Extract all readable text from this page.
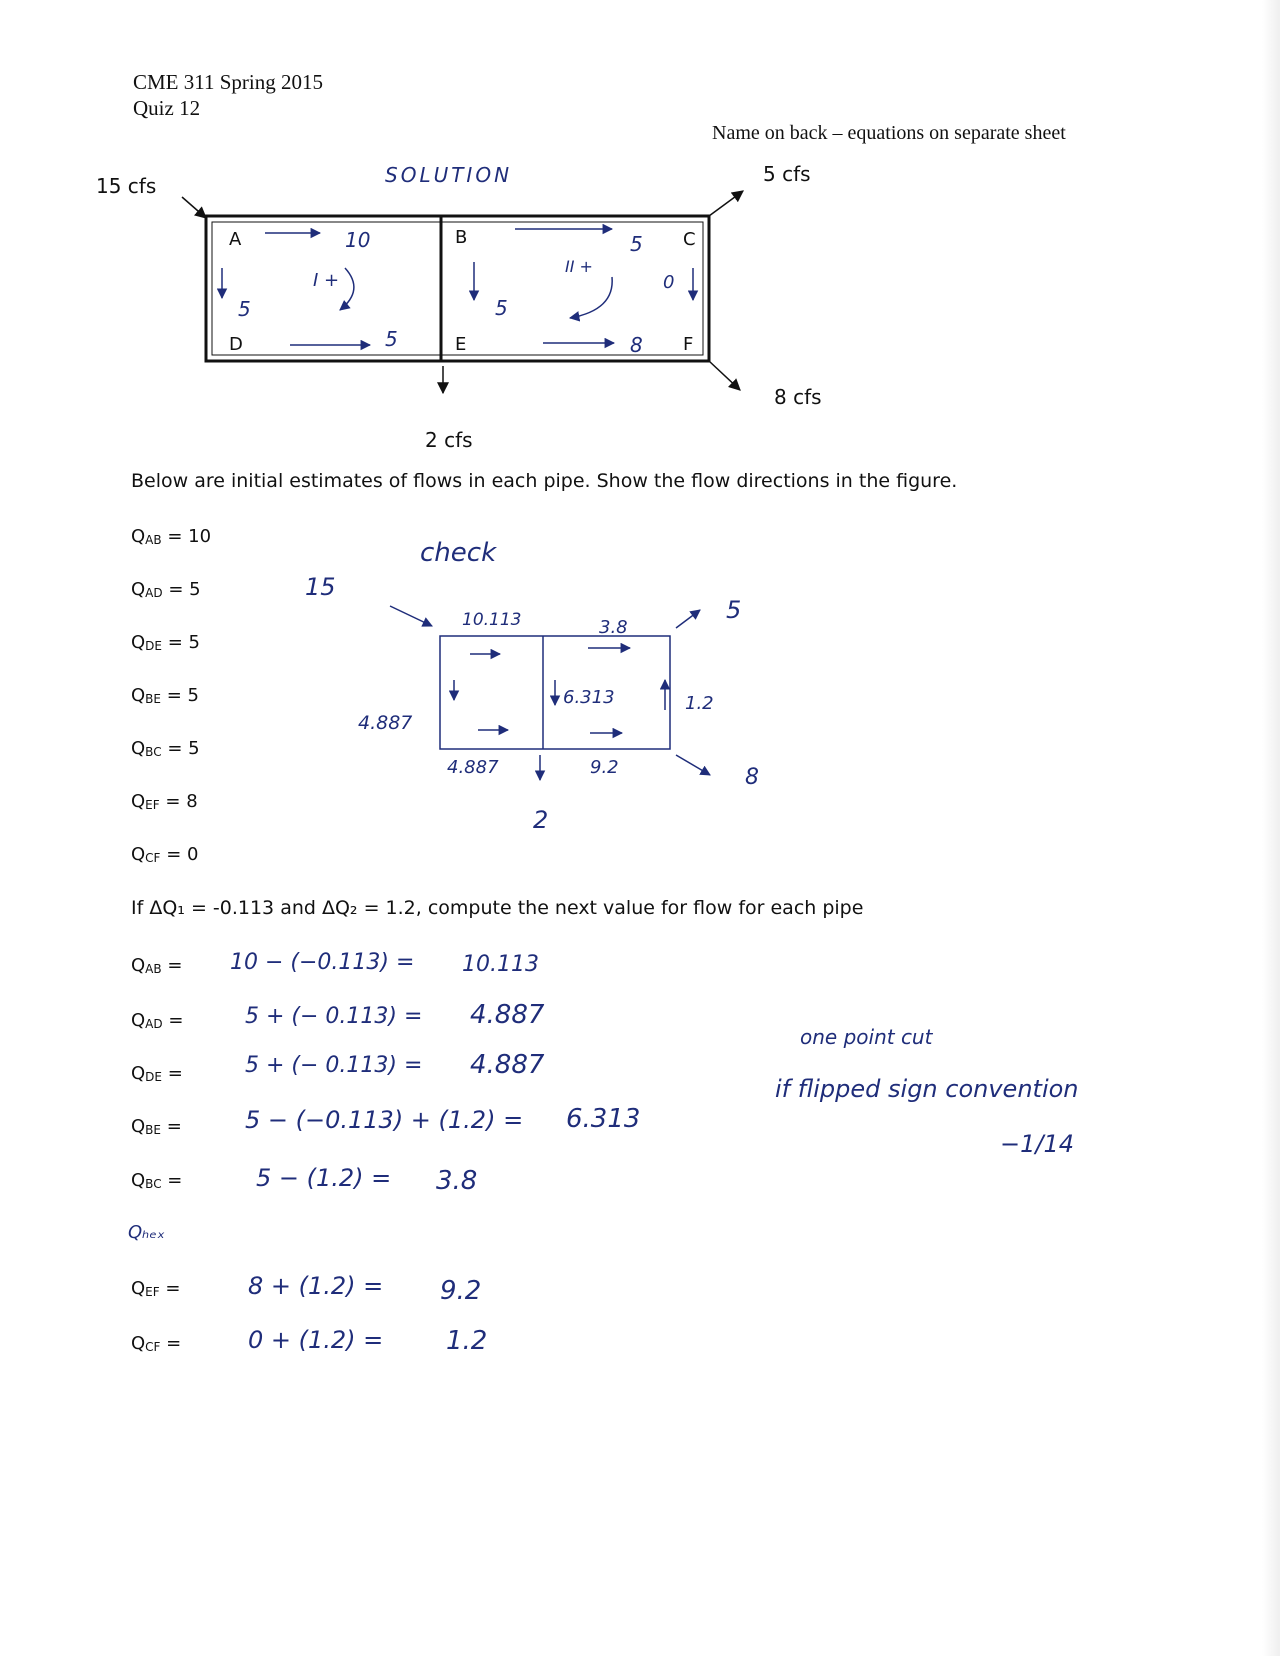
CME 311 Spring 2015
Quiz 12
Name on back – equations on separate sheet
15 cfs	5 cfs
8 cfs
2 cfs
SOLUTION
A	B	C
D	E	F
10
5
5
5
5
0
8
I +
II +
Below are initial estimates of flows in each pipe. Show the flow directions in the figure.
$Q_{AB} = 10$
$Q_{AD} = 5$
$Q_{DE} = 5$
$Q_{BE} = 5$
$Q_{BC} = 5$
$Q_{EF} = 8$
$Q_{CF} = 0$
check
15
5
8
2
10.113	3.8
4.887
6.313	1.2
4.887	9.2
If ΔQ₁ = -0.113 and ΔQ₂ = 1.2, compute the next value for flow for each pipe
$Q_{AB} = 10 - (-0.113) = 10.113$
$Q_{AD}$ =	5 + (− 0.113) = 4.887
$Q_{DE}$ =	5 + (− 0.113) = 4.887
$Q_{BE}$ =	5 − (−0.113) + (1.2) = 6.313
$Q_{BC}$ =	5 − (1.2) = 3.8
Qₕₑₓ
$Q_{EF}$ =	8 + (1.2) = 9.2
$Q_{CF}$ =	0 + (1.2) = 1.2
one point cut
if flipped sign convention
−1/14
